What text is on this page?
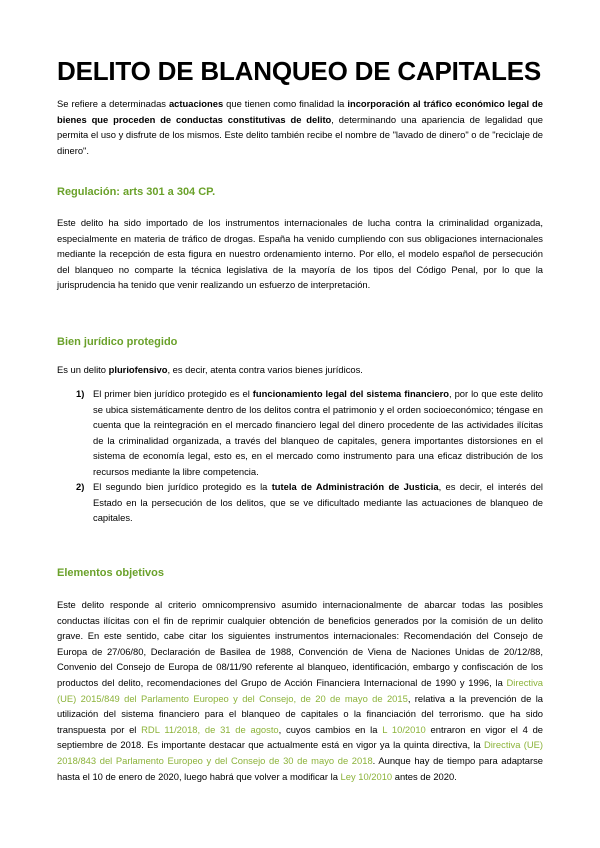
DELITO DE BLANQUEO DE CAPITALES

Se refiere a determinadas actuaciones que tienen como finalidad la incorporación al tráfico económico legal de bienes que proceden de conductas constitutivas de delito, determinando una apariencia de legalidad que permita el uso y disfrute de los mismos. Este delito también recibe el nombre de "lavado de dinero" o de "reciclaje de dinero".

Regulación: arts 301 a 304 CP.

Este delito ha sido importado de los instrumentos internacionales de lucha contra la criminalidad organizada, especialmente en materia de tráfico de drogas. España ha venido cumpliendo con sus obligaciones internacionales mediante la recepción de esta figura en nuestro ordenamiento interno. Por ello, el modelo español de persecución del blanqueo no comparte la técnica legislativa de la mayoría de los tipos del Código Penal, por lo que la jurisprudencia ha tenido que venir realizando un esfuerzo de interpretación.

Bien jurídico protegido

Es un delito pluriofensivo, es decir, atenta contra varios bienes jurídicos.

1) El primer bien jurídico protegido es el funcionamiento legal del sistema financiero, por lo que este delito se ubica sistemáticamente dentro de los delitos contra el patrimonio y el orden socioeconómico; téngase en cuenta que la reintegración en el mercado financiero legal del dinero procedente de las actividades ilícitas de la criminalidad organizada, a través del blanqueo de capitales, genera importantes distorsiones en el sistema de economía legal, esto es, en el mercado como instrumento para una eficaz distribución de los recursos mediante la libre competencia.

2) El segundo bien jurídico protegido es la tutela de Administración de Justicia, es decir, el interés del Estado en la persecución de los delitos, que se ve dificultado mediante las actuaciones de blanqueo de capitales.

Elementos objetivos

Este delito responde al criterio omnicomprensivo asumido internacionalmente de abarcar todas las posibles conductas ilícitas con el fin de reprimir cualquier obtención de beneficios generados por la comisión de un delito grave. En este sentido, cabe citar los siguientes instrumentos internacionales: Recomendación del Consejo de Europa de 27/06/80, Declaración de Basilea de 1988, Convención de Viena de Naciones Unidas de 20/12/88, Convenio del Consejo de Europa de 08/11/90 referente al blanqueo, identificación, embargo y confiscación de los productos del delito, recomendaciones del Grupo de Acción Financiera Internacional de 1990 y 1996, la Directiva (UE) 2015/849 del Parlamento Europeo y del Consejo, de 20 de mayo de 2015, relativa a la prevención de la utilización del sistema financiero para el blanqueo de capitales o la financiación del terrorismo. que ha sido transpuesta por el RDL 11/2018, de 31 de agosto, cuyos cambios en la L 10/2010 entraron en vigor el 4 de septiembre de 2018. Es importante destacar que actualmente está en vigor ya la quinta directiva, la Directiva (UE) 2018/843 del Parlamento Europeo y del Consejo de 30 de mayo de 2018. Aunque hay de tiempo para adaptarse hasta el 10 de enero de 2020, luego habrá que volver a modificar la Ley 10/2010 antes de 2020.
